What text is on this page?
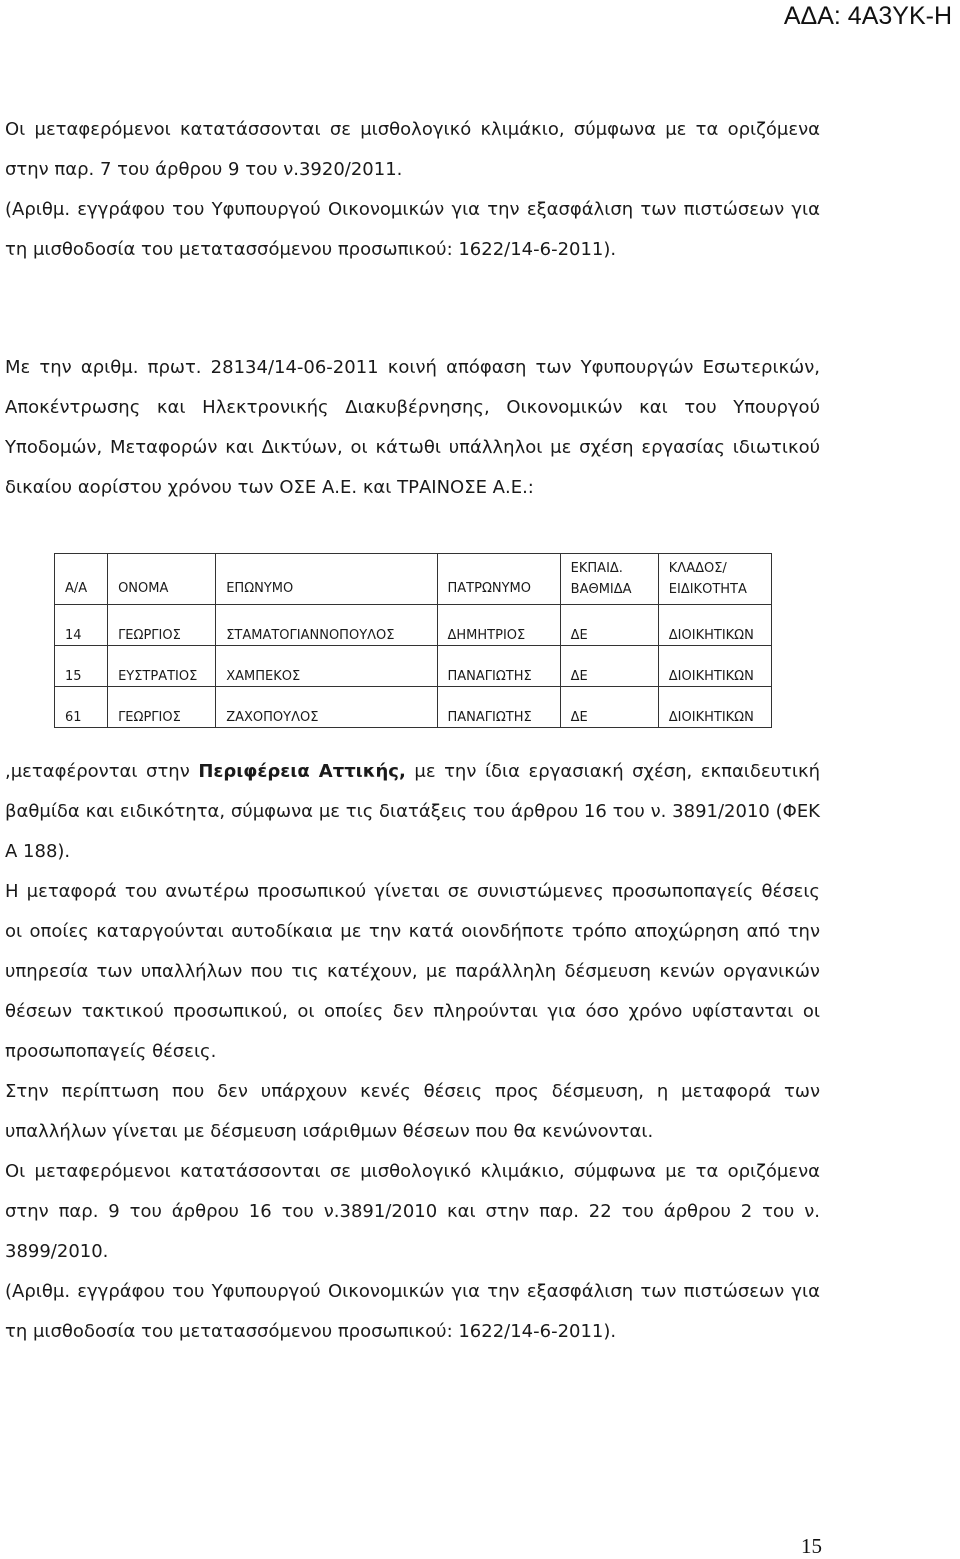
ΑΔΑ: 4Α3ΥΚ-Η

Οι μεταφερόμενοι κατατάσσονται σε μισθολογικό κλιμάκιο, σύμφωνα με τα οριζόμενα στην παρ. 7 του άρθρου 9 του ν.3920/2011.

(Αριθμ. εγγράφου του Υφυπουργού Οικονομικών για την εξασφάλιση των πιστώσεων για τη μισθοδοσία του μετατασσόμενου προσωπικού: 1622/14-6-2011).

Με την αριθμ. πρωτ. 28134/14-06-2011 κοινή απόφαση των Υφυπουργών Εσωτερικών, Αποκέντρωσης και Ηλεκτρονικής Διακυβέρνησης, Οικονομικών και του Υπουργού Υποδομών, Μεταφορών και Δικτύων, οι κάτωθι υπάλληλοι με σχέση εργασίας ιδιωτικού δικαίου αορίστου χρόνου των ΟΣΕ Α.Ε. και ΤΡΑΙΝΟΣΕ Α.Ε.:

Α/Α	ΟΝΟΜΑ	ΕΠΩΝΥΜΟ	ΠΑΤΡΩΝΥΜΟ	ΕΚΠΑΙΔ.	ΚΛΑΔΟΣ/
				ΒΑΘΜΙΔΑ	ΕΙΔΙΚΟΤΗΤΑ
14	ΓΕΩΡΓΙΟΣ	ΣΤΑΜΑΤΟΓΙΑΝΝΟΠΟΥΛΟΣ	ΔΗΜΗΤΡΙΟΣ	ΔΕ	ΔΙΟΙΚΗΤΙΚΩΝ
15	ΕΥΣΤΡΑΤΙΟΣ	ΧΑΜΠΕΚΟΣ	ΠΑΝΑΓΙΩΤΗΣ	ΔΕ	ΔΙΟΙΚΗΤΙΚΩΝ
61	ΓΕΩΡΓΙΟΣ	ΖΑΧΟΠΟΥΛΟΣ	ΠΑΝΑΓΙΩΤΗΣ	ΔΕ	ΔΙΟΙΚΗΤΙΚΩΝ

,μεταφέρονται στην Περιφέρεια Αττικής, με την ίδια εργασιακή σχέση, εκπαιδευτική βαθμίδα και ειδικότητα, σύμφωνα με τις διατάξεις του άρθρου 16 του ν. 3891/2010 (ΦΕΚ Α 188).

Η μεταφορά του ανωτέρω προσωπικού γίνεται σε συνιστώμενες προσωποπαγείς θέσεις οι οποίες καταργούνται αυτοδίκαια με την κατά οιονδήποτε τρόπο αποχώρηση από την υπηρεσία των υπαλλήλων που τις κατέχουν, με παράλληλη δέσμευση κενών οργανικών θέσεων τακτικού προσωπικού, οι οποίες δεν πληρούνται για όσο χρόνο υφίστανται οι προσωποπαγείς θέσεις.

Στην περίπτωση που δεν υπάρχουν κενές θέσεις προς δέσμευση, η μεταφορά των υπαλλήλων γίνεται με δέσμευση ισάριθμων θέσεων που θα κενώνονται.

Οι μεταφερόμενοι κατατάσσονται σε μισθολογικό κλιμάκιο, σύμφωνα με τα οριζόμενα στην παρ. 9 του άρθρου 16 του ν.3891/2010 και στην παρ. 22 του άρθρου 2 του ν. 3899/2010.

(Αριθμ. εγγράφου του Υφυπουργού Οικονομικών για την εξασφάλιση των πιστώσεων για τη μισθοδοσία του μετατασσόμενου προσωπικού: 1622/14-6-2011).

15
